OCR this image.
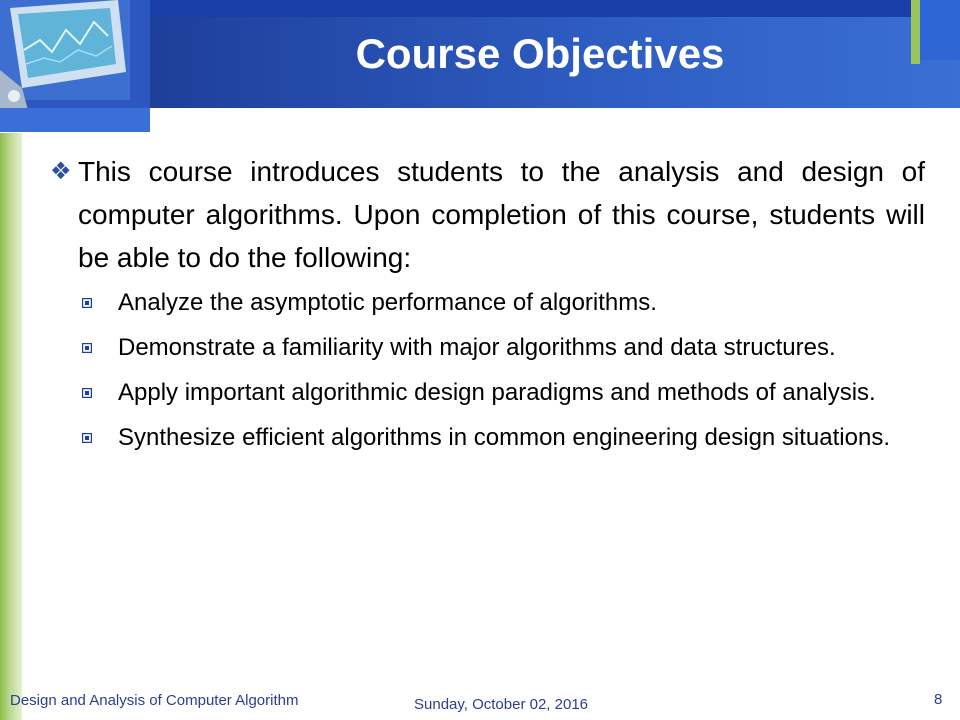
Course Objectives

❖ This course introduces students to the analysis and design of computer algorithms. Upon completion of this course, students will be able to do the following:

Analyze the asymptotic performance of algorithms.
Demonstrate a familiarity with major algorithms and data structures.
Apply important algorithmic design paradigms and methods of analysis.
Synthesize efficient algorithms in common engineering design situations.
Design and Analysis of Computer Algorithm	Sunday, October 02, 2016	8
